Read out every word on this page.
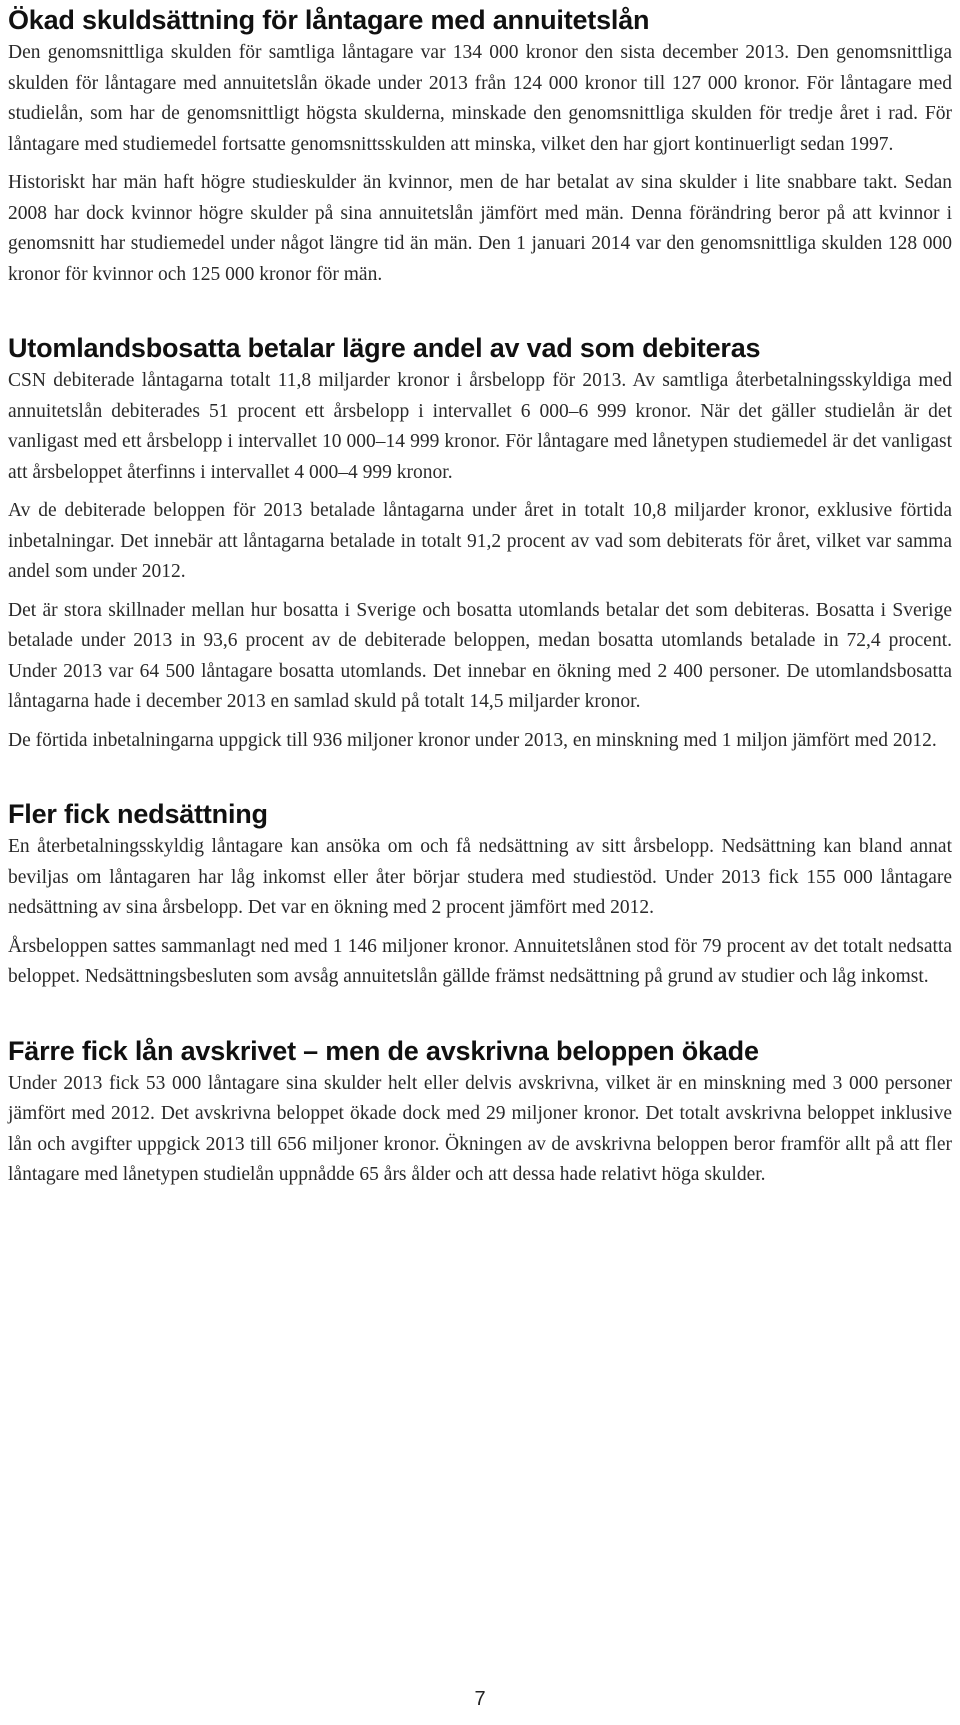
Ökad skuldsättning för låntagare med annuitetslån

Den genomsnittliga skulden för samtliga låntagare var 134 000 kronor den sista december 2013. Den genomsnittliga skulden för låntagare med annuitetslån ökade under 2013 från 124 000 kronor till 127 000 kronor. För låntagare med studielån, som har de genomsnittligt högsta skulderna, minskade den genomsnittliga skulden för tredje året i rad. För låntagare med studiemedel fortsatte genomsnittsskulden att minska, vilket den har gjort kontinuerligt sedan 1997.

Historiskt har män haft högre studieskulder än kvinnor, men de har betalat av sina skulder i lite snabbare takt. Sedan 2008 har dock kvinnor högre skulder på sina annuitetslån jämfört med män. Denna förändring beror på att kvinnor i genomsnitt har studiemedel under något längre tid än män. Den 1 januari 2014 var den genomsnittliga skulden 128 000 kronor för kvinnor och 125 000 kronor för män.

Utomlandsbosatta betalar lägre andel av vad som debiteras

CSN debiterade låntagarna totalt 11,8 miljarder kronor i årsbelopp för 2013. Av samtliga återbetalningsskyldiga med annuitetslån debiterades 51 procent ett årsbelopp i intervallet 6 000–6 999 kronor. När det gäller studielån är det vanligast med ett årsbelopp i intervallet 10 000–14 999 kronor. För låntagare med lånetypen studiemedel är det vanligast att årsbeloppet återfinns i intervallet 4 000–4 999 kronor.

Av de debiterade beloppen för 2013 betalade låntagarna under året in totalt 10,8 miljarder kronor, exklusive förtida inbetalningar. Det innebär att låntagarna betalade in totalt 91,2 procent av vad som debiterats för året, vilket var samma andel som under 2012.

Det är stora skillnader mellan hur bosatta i Sverige och bosatta utomlands betalar det som debiteras. Bosatta i Sverige betalade under 2013 in 93,6 procent av de debiterade beloppen, medan bosatta utomlands betalade in 72,4 procent. Under 2013 var 64 500 låntagare bosatta utomlands. Det innebar en ökning med 2 400 personer. De utomlandsbosatta låntagarna hade i december 2013 en samlad skuld på totalt 14,5 miljarder kronor.

De förtida inbetalningarna uppgick till 936 miljoner kronor under 2013, en minskning med 1 miljon jämfört med 2012.

Fler fick nedsättning

En återbetalningsskyldig låntagare kan ansöka om och få nedsättning av sitt årsbelopp. Nedsättning kan bland annat beviljas om låntagaren har låg inkomst eller åter börjar studera med studiestöd. Under 2013 fick 155 000 låntagare nedsättning av sina årsbelopp. Det var en ökning med 2 procent jämfört med 2012.

Årsbeloppen sattes sammanlagt ned med 1 146 miljoner kronor. Annuitetslånen stod för 79 procent av det totalt nedsatta beloppet. Nedsättningsbesluten som avsåg annuitetslån gällde främst nedsättning på grund av studier och låg inkomst.

Färre fick lån avskrivet – men de avskrivna beloppen ökade

Under 2013 fick 53 000 låntagare sina skulder helt eller delvis avskrivna, vilket är en minskning med 3 000 personer jämfört med 2012. Det avskrivna beloppet ökade dock med 29 miljoner kronor. Det totalt avskrivna beloppet inklusive lån och avgifter uppgick 2013 till 656 miljoner kronor. Ökningen av de avskrivna beloppen beror framför allt på att fler låntagare med lånetypen studielån uppnådde 65 års ålder och att dessa hade relativt höga skulder.

7
